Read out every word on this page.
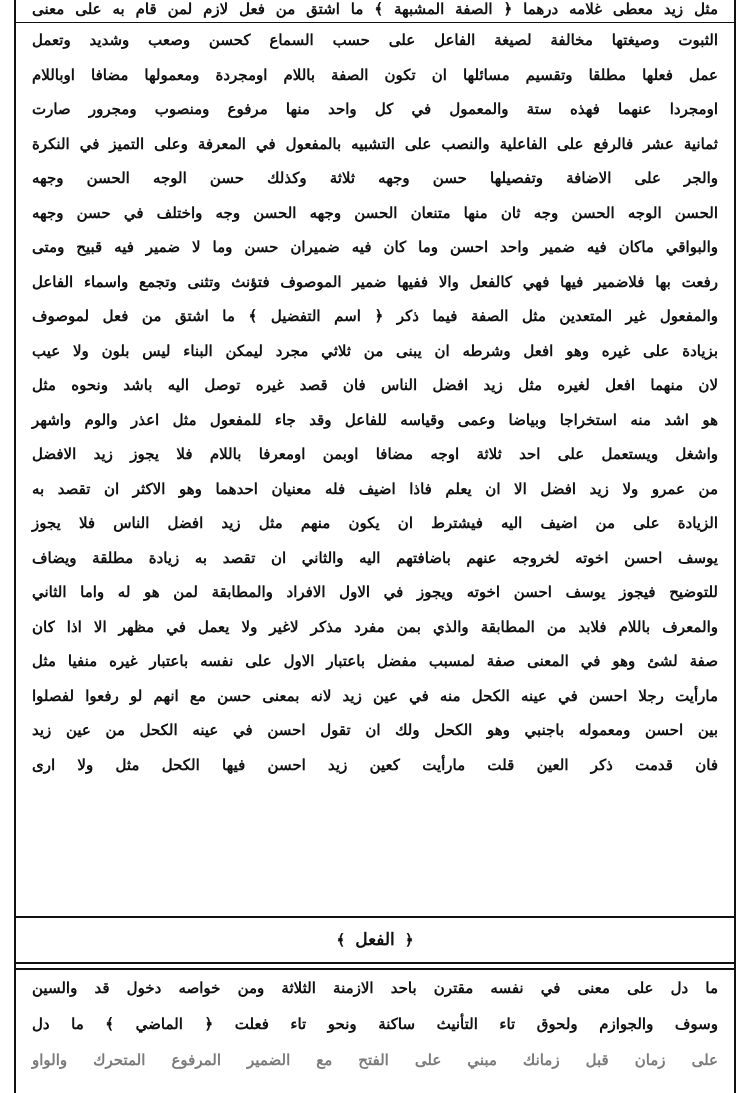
مثل زيد معطى غلامه درهما ﴿ الصفة المشبهة ﴾ ما اشتق من فعل لازم لمن قام به على معنى
الثبوت وصيغتها مخالفة لصيغة الفاعل على حسب السماع كحسن وصعب وشديد وتعمل
عمل فعلها مطلقا وتقسيم مسائلها ان تكون الصفة باللام اومجردة ومعمولها مضافا اوباللام
اومجردا عنهما فهذه ستة والمعمول في كل واحد منها مرفوع ومنصوب ومجرور صارت
ثمانية عشر فالرفع على الفاعلية والنصب على التشبيه بالمفعول في المعرفة وعلى التميز في النكرة
والجر على الاضافة وتفصيلها حسن وجهه ثلاثة وكذلك حسن الوجه الحسن وجهه
الحسن الوجه الحسن وجه ثان منها متنعان الحسن وجهه الحسن وجه واختلف في حسن وجهه
والبواقي ماكان فيه ضمير واحد احسن وما كان فيه ضميران حسن وما لا ضمير فيه قبيح ومتى
رفعت بها فلاضمير فيها فهي كالفعل والا ففيها ضمير الموصوف فتؤنث وتثنى وتجمع واسماء الفاعل
والمفعول غير المتعدين مثل الصفة فيما ذكر ﴿ اسم التفضيل ﴾ ما اشتق من فعل لموصوف
بزيادة على غيره وهو افعل وشرطه ان يبنى من ثلاثي مجرد ليمكن البناء ليس بلون ولا عيب
لان منهما افعل لغيره مثل زيد افضل الناس فان قصد غيره توصل اليه باشد ونحوه مثل
هو اشد منه استخراجا وبياضا وعمى وقياسه للفاعل وقد جاء للمفعول مثل اعذر والوم واشهر
واشغل ويستعمل على احد ثلاثة اوجه مضافا اوبمن اومعرفا باللام فلا يجوز زيد الافضل
من عمرو ولا زيد افضل الا ان يعلم فاذا اضيف فله معنيان احدهما وهو الاكثر ان تقصد به
الزيادة على من اضيف اليه فيشترط ان يكون منهم مثل زيد افضل الناس فلا يجوز
يوسف احسن اخوته لخروجه عنهم باضافتهم اليه والثاني ان تقصد به زيادة مطلقة ويضاف
للتوضيح فيجوز يوسف احسن اخوته ويجوز في الاول الافراد والمطابقة لمن هو له واما الثاني
والمعرف باللام فلابد من المطابقة والذي بمن مفرد مذكر لاغير ولا يعمل في مظهر الا اذا كان
صفة لشئ وهو في المعنى صفة لمسبب مفضل باعتبار الاول على نفسه باعتبار غيره منفيا مثل
مارأيت رجلا احسن في عينه الكحل منه في عين زيد لانه بمعنى حسن مع انهم لو رفعوا لفصلوا
بين احسن ومعموله باجنبي وهو الكحل ولك ان تقول احسن في عينه الكحل من عين زيد
فان قدمت ذكر العين قلت مارأيت كعين زيد احسن فيها الكحل مثل ولا ارى
﴿ الفعل ﴾
ما دل على معنى في نفسه مقترن باحد الازمنة الثلاثة ومن خواصه دخول قد والسين
وسوف والجوازم ولحوق تاء التأنيث ساكنة ونحو تاء فعلت ﴿ الماضي ﴾ ما دل
على زمان قبل زمانك مبني على الفتح مع الضمير المرفوع المتحرك والواو
